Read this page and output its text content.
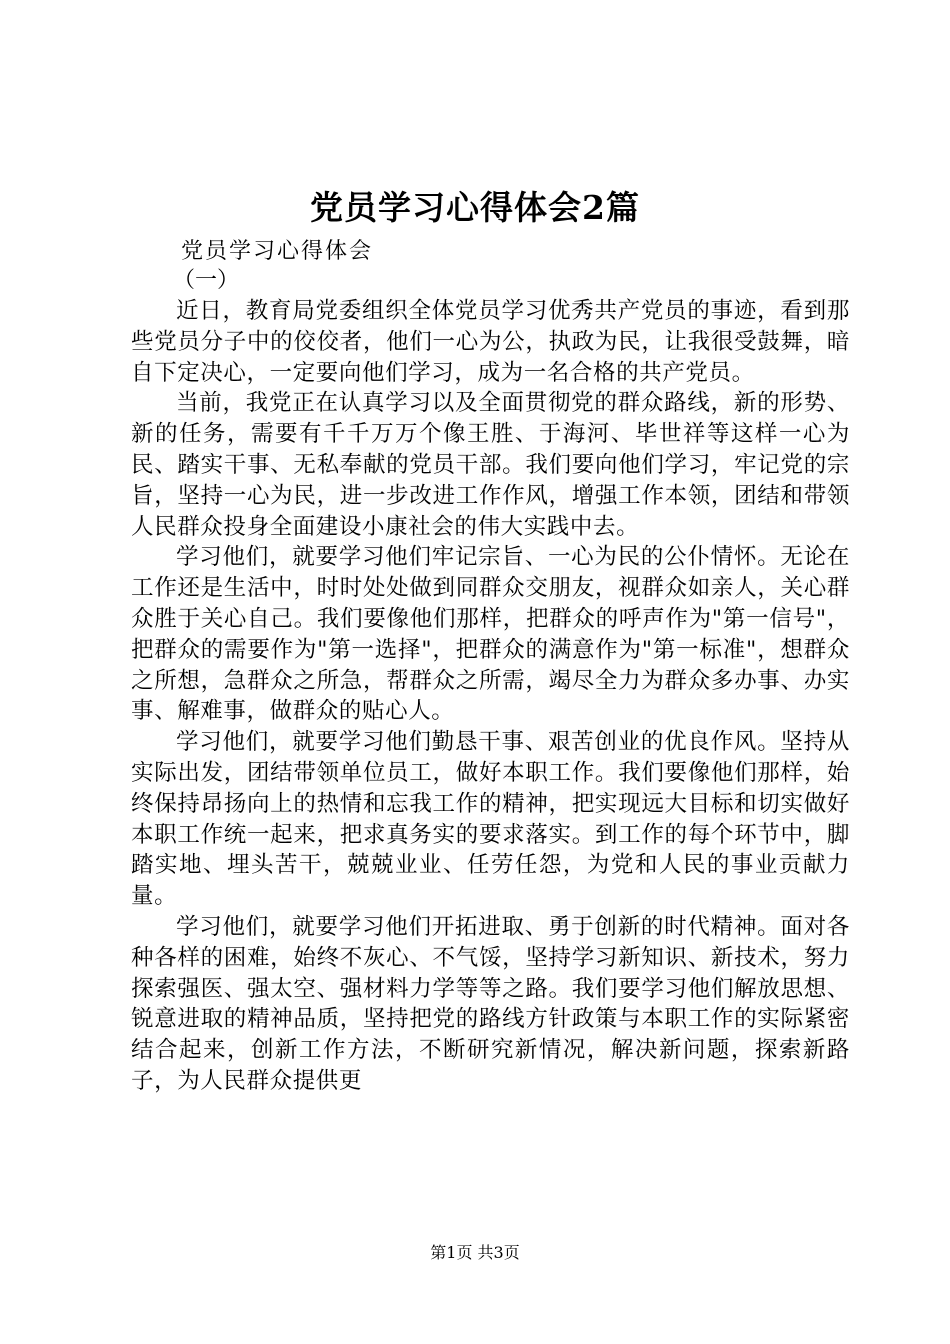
党员学习心得体会2篇
党员学习心得体会
（一）

近日，教育局党委组织全体党员学习优秀共产党员的事迹，看到那些党员分子中的佼佼者，他们一心为公，执政为民，让我很受鼓舞，暗自下定决心，一定要向他们学习，成为一名合格的共产党员。

当前，我党正在认真学习以及全面贯彻党的群众路线，新的形势、新的任务，需要有千千万万个像王胜、于海河、毕世祥等这样一心为民、踏实干事、无私奉献的党员干部。我们要向他们学习，牢记党的宗旨，坚持一心为民，进一步改进工作作风，增强工作本领，团结和带领人民群众投身全面建设小康社会的伟大实践中去。

学习他们，就要学习他们牢记宗旨、一心为民的公仆情怀。无论在工作还是生活中，时时处处做到同群众交朋友，视群众如亲人，关心群众胜于关心自己。我们要像他们那样，把群众的呼声作为"第一信号"，把群众的需要作为"第一选择"，把群众的满意作为"第一标准"，想群众之所想，急群众之所急，帮群众之所需，竭尽全力为群众多办事、办实事、解难事，做群众的贴心人。

学习他们，就要学习他们勤恳干事、艰苦创业的优良作风。坚持从实际出发，团结带领单位员工，做好本职工作。我们要像他们那样，始终保持昂扬向上的热情和忘我工作的精神，把实现远大目标和切实做好本职工作统一起来，把求真务实的要求落实。到工作的每个环节中，脚踏实地、埋头苦干，兢兢业业、任劳任怨，为党和人民的事业贡献力量。

学习他们，就要学习他们开拓进取、勇于创新的时代精神。面对各种各样的困难，始终不灰心、不气馁，坚持学习新知识、新技术，努力探索强医、强太空、强材料力学等等之路。我们要学习他们解放思想、锐意进取的精神品质，坚持把党的路线方针政策与本职工作的实际紧密结合起来，创新工作方法，不断研究新情况，解决新问题，探索新路子，为人民群众提供更

第1页 共3页
